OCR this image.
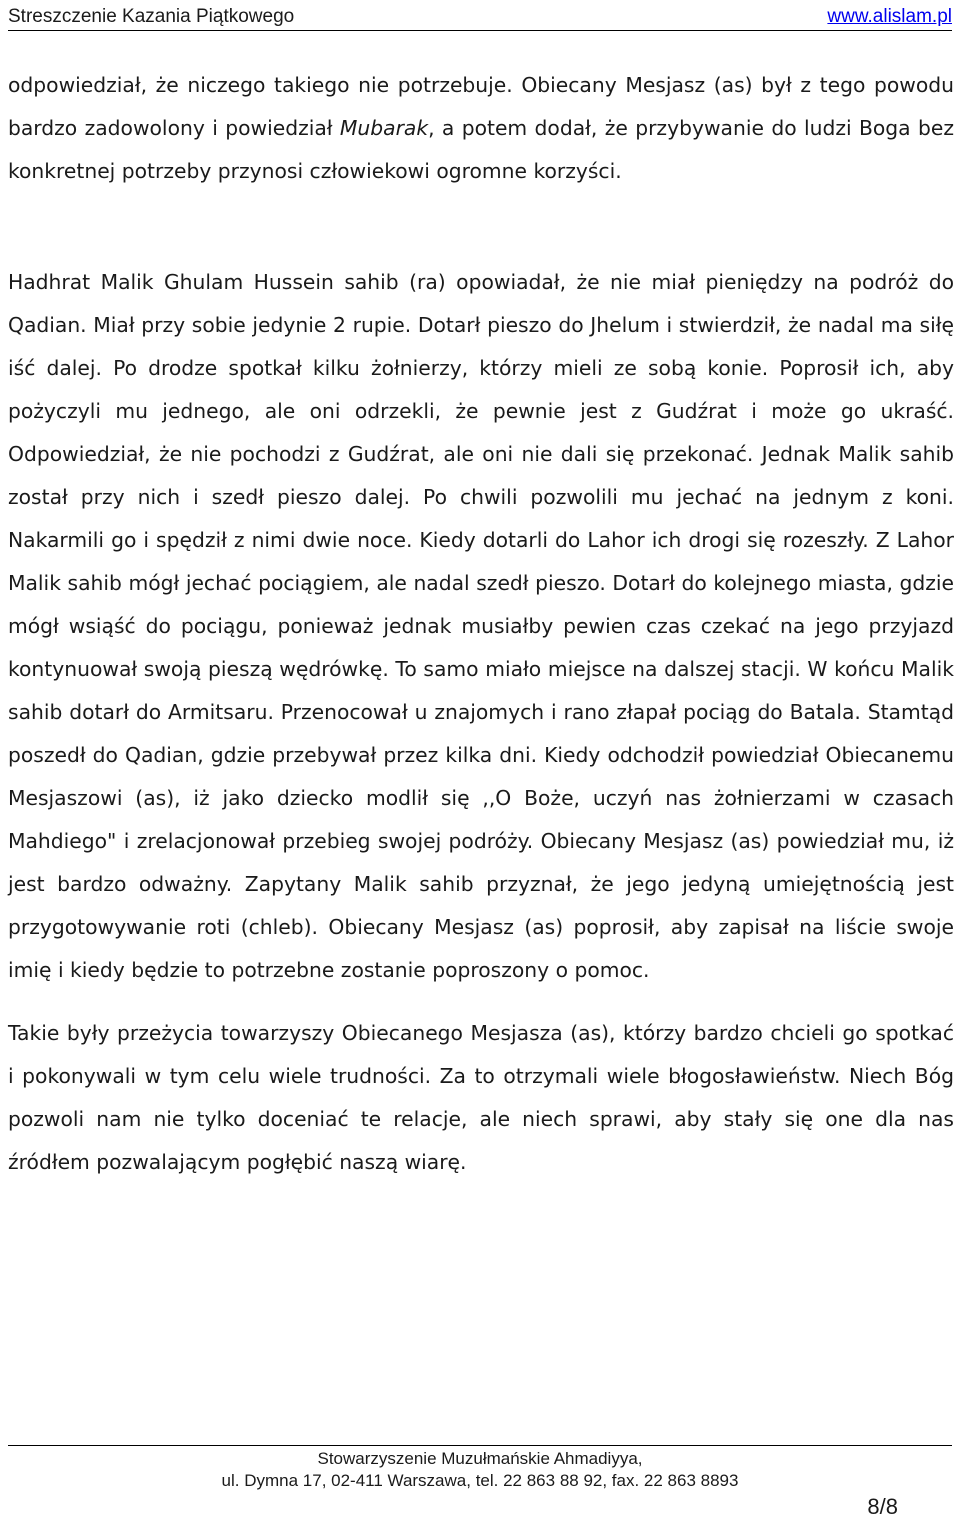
Streszczenie Kazania Piątkowego	www.alislam.pl

odpowiedział, że niczego takiego nie potrzebuje. Obiecany Mesjasz (as) był z tego powodu bardzo zadowolony i powiedział Mubarak, a potem dodał, że przybywanie do ludzi Boga bez konkretnej potrzeby przynosi człowiekowi ogromne korzyści.

Hadhrat Malik Ghulam Hussein sahib (ra) opowiadał, że nie miał pieniędzy na podróż do Qadian. Miał przy sobie jedynie 2 rupie. Dotarł pieszo do Jhelum i stwierdził, że nadal ma siłę iść dalej. Po drodze spotkał kilku żołnierzy, którzy mieli ze sobą konie. Poprosił ich, aby pożyczyli mu jednego, ale oni odrzekli, że pewnie jest z Gudźrat i może go ukraść. Odpowiedział, że nie pochodzi z Gudźrat, ale oni nie dali się przekonać. Jednak Malik sahib został przy nich i szedł pieszo dalej. Po chwili pozwolili mu jechać na jednym z koni. Nakarmili go i spędził z nimi dwie noce. Kiedy dotarli do Lahor ich drogi się rozeszły. Z Lahor Malik sahib mógł jechać pociągiem, ale nadal szedł pieszo. Dotarł do kolejnego miasta, gdzie mógł wsiąść do pociągu, ponieważ jednak musiałby pewien czas czekać na jego przyjazd kontynuował swoją pieszą wędrówkę. To samo miało miejsce na dalszej stacji. W końcu Malik sahib dotarł do Armitsaru. Przenocował u znajomych i rano złapał pociąg do Batala. Stamtąd poszedł do Qadian, gdzie przebywał przez kilka dni. Kiedy odchodził powiedział Obiecanemu Mesjaszowi (as), iż jako dziecko modlił się ,,O Boże, uczyń nas żołnierzami w czasach Mahdiego" i zrelacjonował przebieg swojej podróży. Obiecany Mesjasz (as) powiedział mu, iż jest bardzo odważny. Zapytany Malik sahib przyznał, że jego jedyną umiejętnością jest przygotowywanie roti (chleb). Obiecany Mesjasz (as) poprosił, aby zapisał na liście swoje imię i kiedy będzie to potrzebne zostanie poproszony o pomoc.

Takie były przeżycia towarzyszy Obiecanego Mesjasza (as), którzy bardzo chcieli go spotkać i pokonywali w tym celu wiele trudności. Za to otrzymali wiele błogosławieństw. Niech Bóg pozwoli nam nie tylko doceniać te relacje, ale niech sprawi, aby stały się one dla nas źródłem pozwalającym pogłębić naszą wiarę.

Stowarzyszenie Muzułmańskie Ahmadiyya,
ul. Dymna 17, 02-411 Warszawa, tel. 22 863 88 92, fax. 22 863 8893
8/8
